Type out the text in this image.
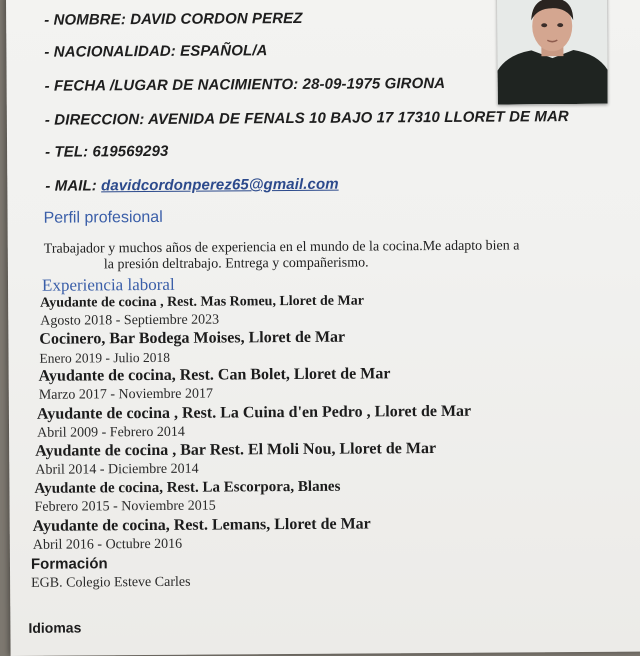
- NOMBRE: DAVID CORDON PEREZ
- NACIONALIDAD: ESPAÑOL/A
- FECHA /LUGAR DE NACIMIENTO: 28-09-1975 GIRONA
- DIRECCION: AVENIDA DE FENALS 10 BAJO 17 17310 LLORET DE MAR
- TEL: 619569293
- MAIL: davidcordonperez65@gmail.com
Perfil profesional
Trabajador y muchos años de experiencia en el mundo de la cocina.Me adapto bien a
la presión deltrabajo. Entrega y compañerismo.
Experiencia laboral
Ayudante de cocina , Rest. Mas Romeu, Lloret de Mar
Agosto 2018 - Septiembre 2023
Cocinero, Bar Bodega Moises, Lloret de Mar
Enero 2019 - Julio 2018
Ayudante de cocina, Rest. Can Bolet, Lloret de Mar
Marzo 2017 - Noviembre 2017
Ayudante de cocina , Rest. La Cuina d'en Pedro , Lloret de Mar
Abril 2009 - Febrero 2014
Ayudante de cocina , Bar Rest. El Moli Nou, Lloret de Mar
Abril 2014 - Diciembre 2014
Ayudante de cocina, Rest. La Escorpora, Blanes
Febrero 2015 - Noviembre 2015
Ayudante de cocina, Rest. Lemans, Lloret de Mar
Abril 2016 - Octubre 2016
Formación
EGB. Colegio Esteve Carles
Idiomas
